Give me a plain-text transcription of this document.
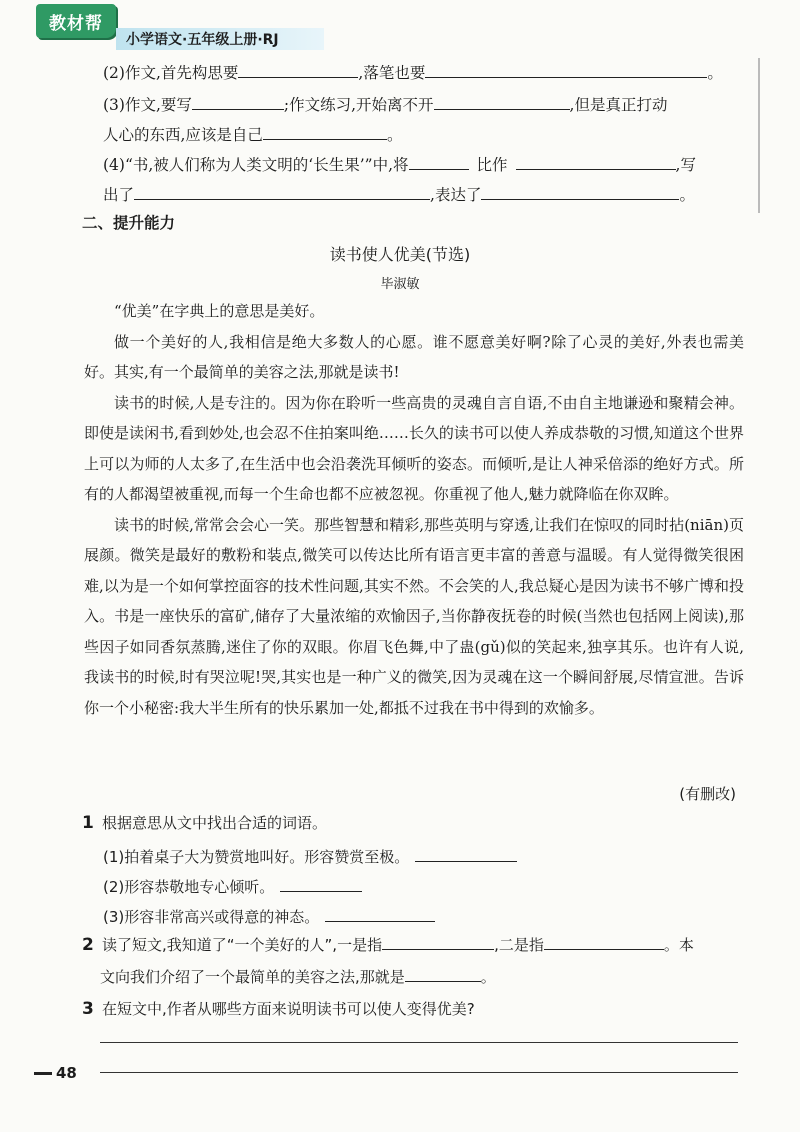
教材帮
小学语文·五年级上册·RJ
(2)作文,首先构思要	,落笔也要	。
(3)作文,要写	;作文练习,开始离不开	,但是真正打动
人心的东西,应该是自己	。
(4)“书,被人们称为人类文明的‘长生果’”中,将	比作	,写
出了	,表达了	。
二、提升能力
读书使人优美(节选)
毕淑敏

“优美”在字典上的意思是美好。

做一个美好的人,我相信是绝大多数人的心愿。谁不愿意美好啊?除了心灵的美好,外表也需美好。其实,有一个最简单的美容之法,那就是读书!

读书的时候,人是专注的。因为你在聆听一些高贵的灵魂自言自语,不由自主地谦逊和聚精会神。即使是读闲书,看到妙处,也会忍不住拍案叫绝……长久的读书可以使人养成恭敬的习惯,知道这个世界上可以为师的人太多了,在生活中也会沿袭洗耳倾听的姿态。而倾听,是让人神采倍添的绝好方式。所有的人都渴望被重视,而每一个生命也都不应被忽视。你重视了他人,魅力就降临在你双眸。

读书的时候,常常会会心一笑。那些智慧和精彩,那些英明与穿透,让我们在惊叹的同时拈(niān)页展颜。微笑是最好的敷粉和装点,微笑可以传达比所有语言更丰富的善意与温暖。有人觉得微笑很困难,以为是一个如何掌控面容的技术性问题,其实不然。不会笑的人,我总疑心是因为读书不够广博和投入。书是一座快乐的富矿,储存了大量浓缩的欢愉因子,当你静夜抚卷的时候(当然也包括网上阅读),那些因子如同香氛蒸腾,迷住了你的双眼。你眉飞色舞,中了蛊(gǔ)似的笑起来,独享其乐。也许有人说,我读书的时候,时有哭泣呢!哭,其实也是一种广义的微笑,因为灵魂在这一个瞬间舒展,尽情宣泄。告诉你一个小秘密:我大半生所有的快乐累加一处,都抵不过我在书中得到的欢愉多。

(有删改)
1 根据意思从文中找出合适的词语。
(1)拍着桌子大为赞赏地叫好。形容赞赏至极。
(2)形容恭敬地专心倾听。
(3)形容非常高兴或得意的神态。
2 读了短文,我知道了“一个美好的人”,一是指	,二是指	。本
文向我们介绍了一个最简单的美容之法,那就是	。
3 在短文中,作者从哪些方面来说明读书可以使人变得优美?
48
